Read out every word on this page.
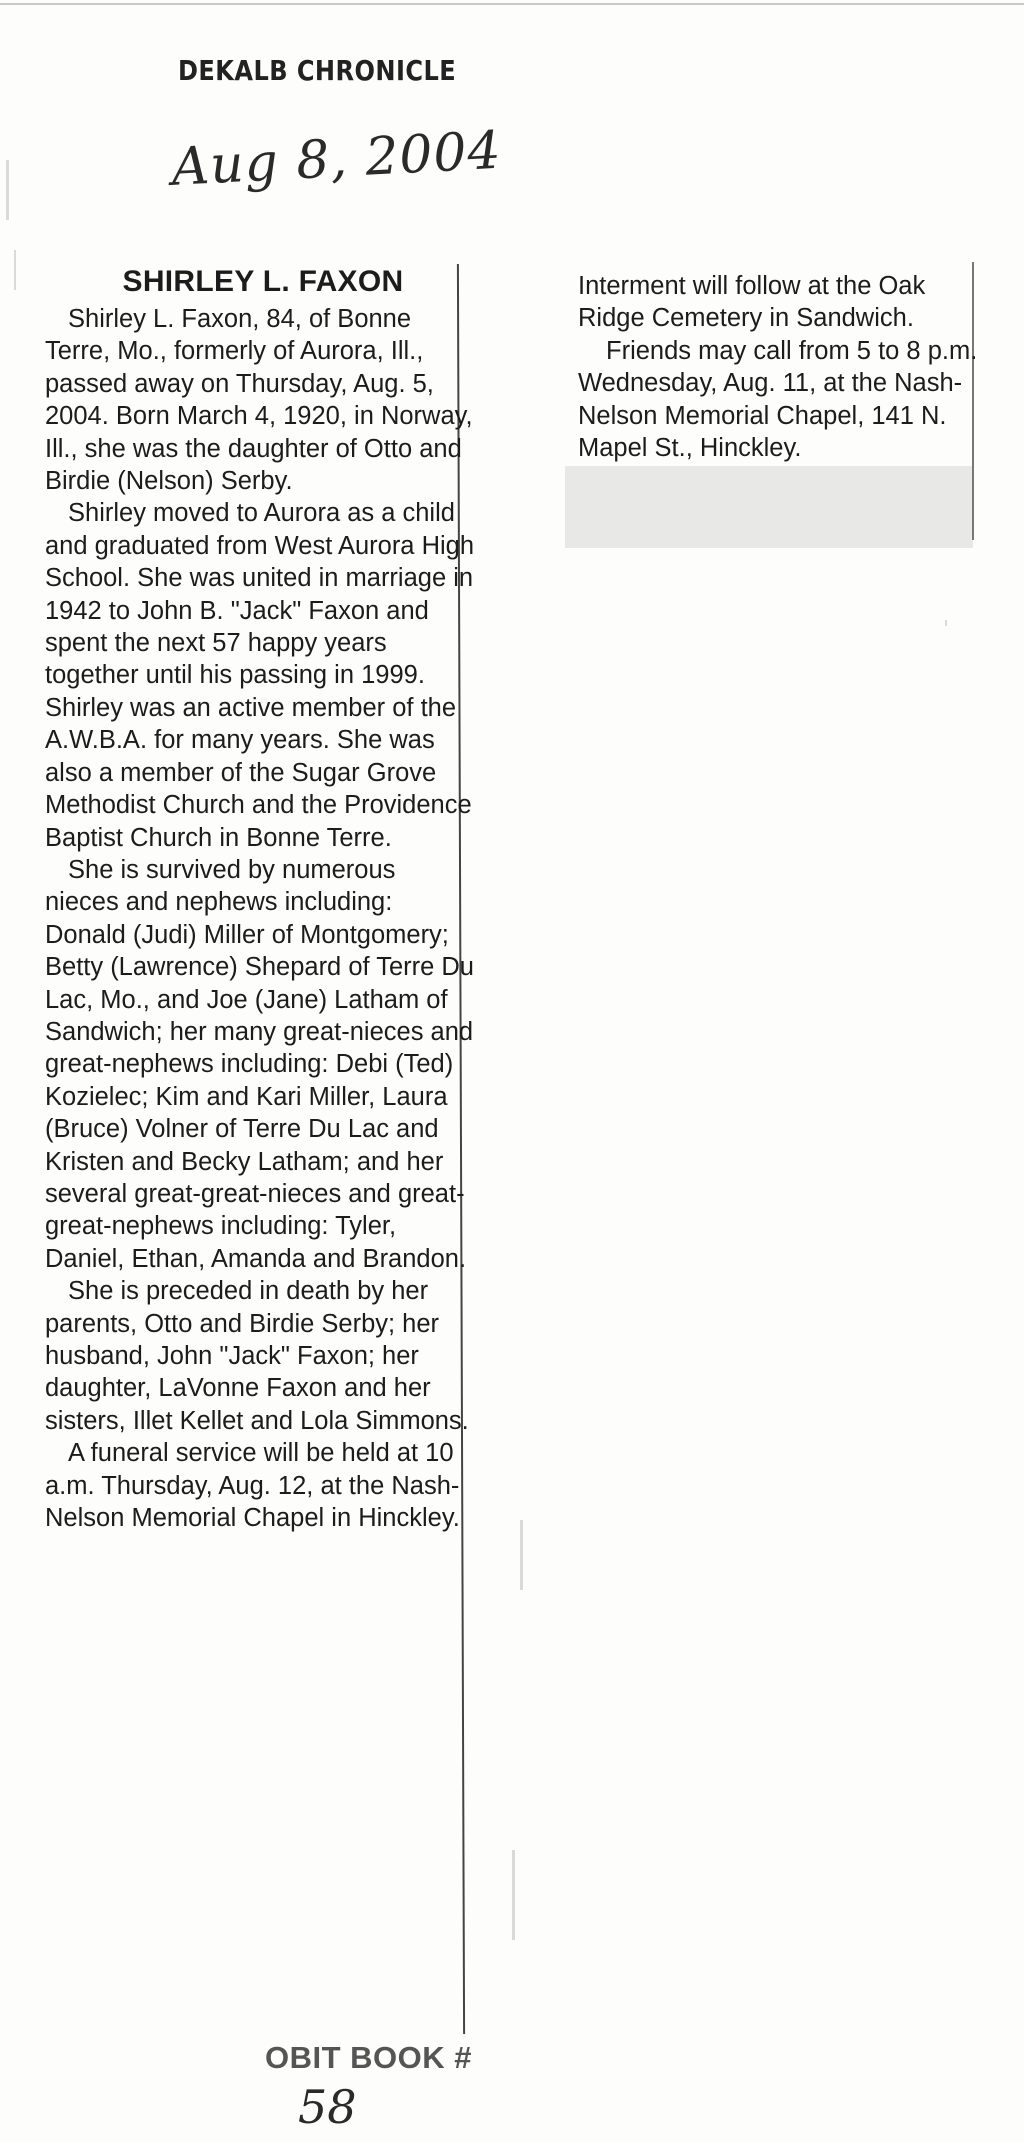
DEKALB CHRONICLE
Aug 8, 2004
SHIRLEY L. FAXON

Shirley L. Faxon, 84, of Bonne Terre, Mo., formerly of Aurora, Ill., passed away on Thursday, Aug. 5, 2004. Born March 4, 1920, in Norway, Ill., she was the daughter of Otto and Birdie (Nelson) Serby.

Shirley moved to Aurora as a child and graduated from West Aurora High School. She was united in marriage in 1942 to John B. "Jack" Faxon and spent the next 57 happy years together until his passing in 1999. Shirley was an active member of the A.W.B.A. for many years. She was also a member of the Sugar Grove Methodist Church and the Providence Baptist Church in Bonne Terre.

She is survived by numerous nieces and nephews including: Donald (Judi) Miller of Montgomery; Betty (Lawrence) Shepard of Terre Du Lac, Mo., and Joe (Jane) Latham of Sandwich; her many great-nieces and great-nephews including: Debi (Ted) Kozielec; Kim and Kari Miller, Laura (Bruce) Volner of Terre Du Lac and Kristen and Becky Latham; and her several great-great-nieces and great-great-nephews including: Tyler, Daniel, Ethan, Amanda and Brandon.

She is preceded in death by her parents, Otto and Birdie Serby; her husband, John "Jack" Faxon; her daughter, LaVonne Faxon and her sisters, Illet Kellet and Lola Simmons.

A funeral service will be held at 10 a.m. Thursday, Aug. 12, at the Nash-Nelson Memorial Chapel in Hinckley.

Interment will follow at the Oak Ridge Cemetery in Sandwich.

Friends may call from 5 to 8 p.m. Wednesday, Aug. 11, at the Nash-Nelson Memorial Chapel, 141 N. Mapel St., Hinckley.

OBIT BOOK #
58
